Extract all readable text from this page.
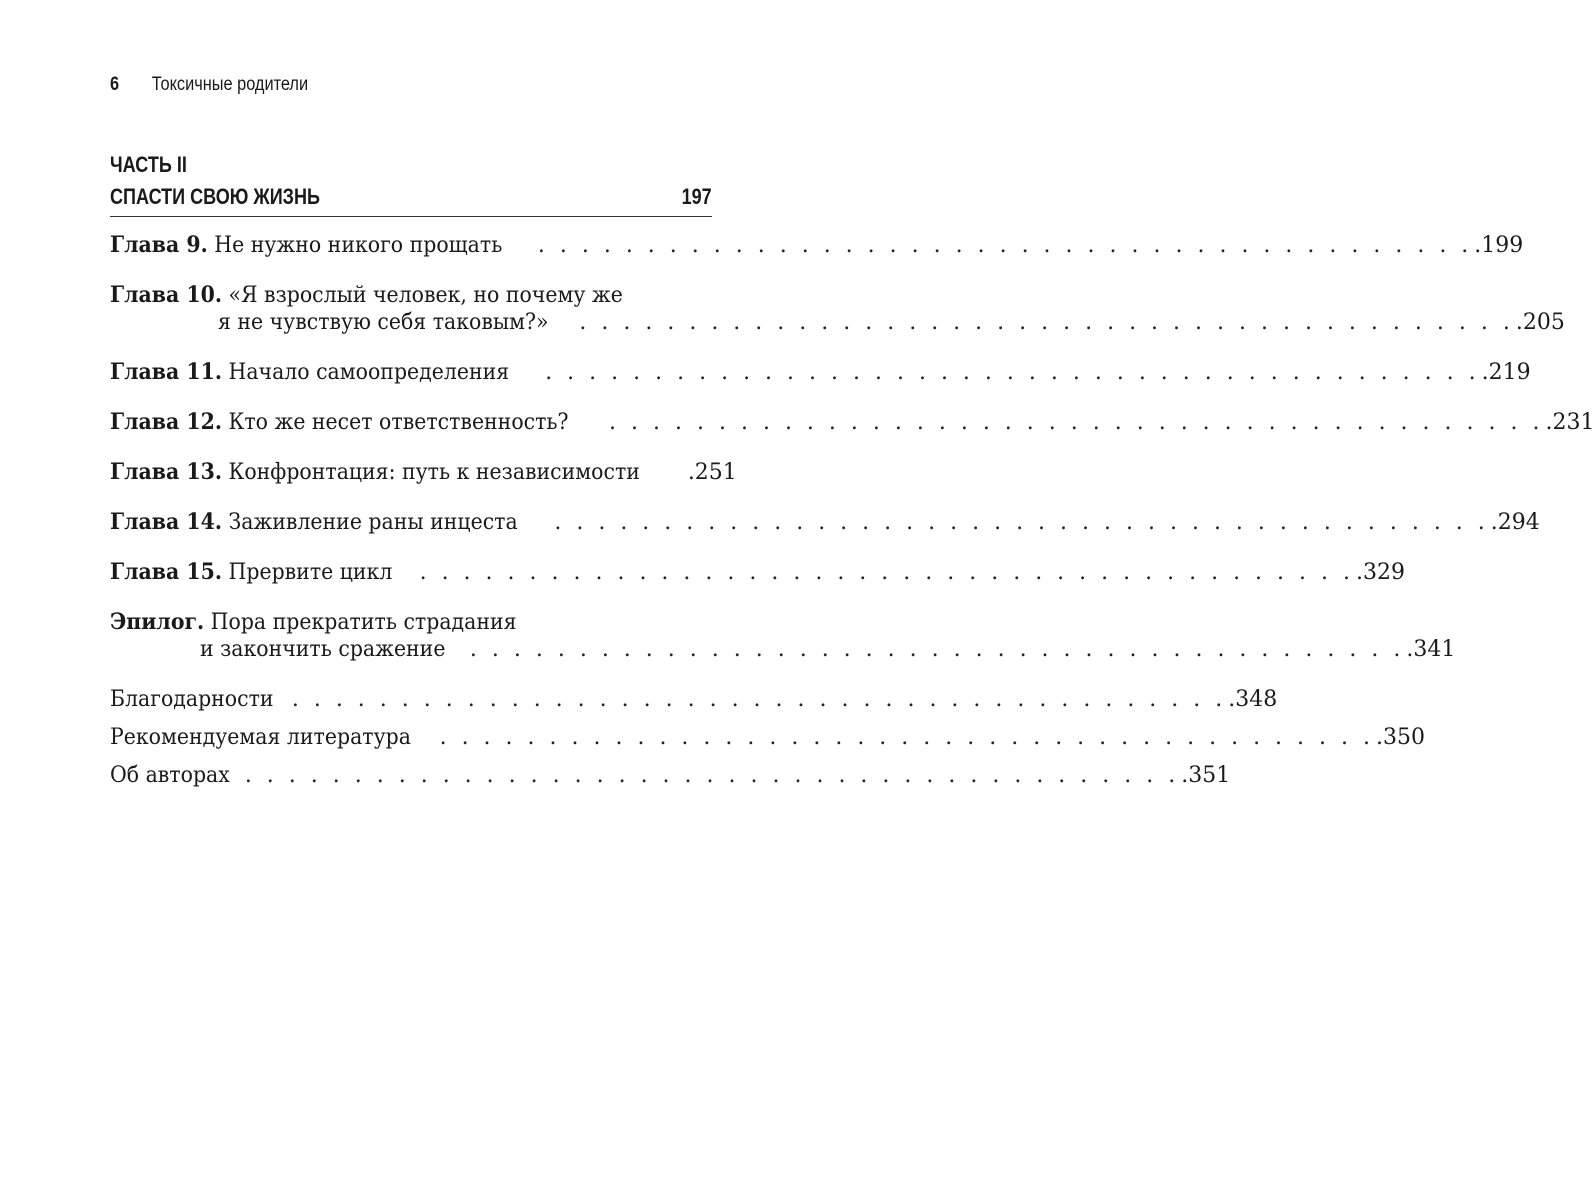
6 Токсичные родители
ЧАСТЬ II
СПАСТИ СВОЮ ЖИЗНЬ	197
Глава 9. Не нужно никого прощать . . . . . . . . . . . . . . . . . . . . . . . . . . . . . . . . . . . . . . . . . . . .199
Глава 10. «Я взрослый человек, но почему же
я не чувствую себя таковым?» . . . . . . . . . . . . . . . . . . . . . . . . . . . . . . . . . . . . . . . . . . . .205
Глава 11. Начало самоопределения . . . . . . . . . . . . . . . . . . . . . . . . . . . . . . . . . . . . . . . . . . . .219
Глава 12. Кто же несет ответственность? . . . . . . . . . . . . . . . . . . . . . . . . . . . . . . . . . . . . . . . . . . . .231
Глава 13. Конфронтация: путь к независимости .251
Глава 14. Заживление раны инцеста . . . . . . . . . . . . . . . . . . . . . . . . . . . . . . . . . . . . . . . . . . . .294
Глава 15. Прервите цикл . . . . . . . . . . . . . . . . . . . . . . . . . . . . . . . . . . . . . . . . . . . .329
Эпилог. Пора прекратить страдания
и закончить сражение . . . . . . . . . . . . . . . . . . . . . . . . . . . . . . . . . . . . . . . . . . . .341
Благодарности . . . . . . . . . . . . . . . . . . . . . . . . . . . . . . . . . . . . . . . . . . . .348
Рекомендуемая литература . . . . . . . . . . . . . . . . . . . . . . . . . . . . . . . . . . . . . . . . . . . .350
Об авторах . . . . . . . . . . . . . . . . . . . . . . . . . . . . . . . . . . . . . . . . . . . .351
